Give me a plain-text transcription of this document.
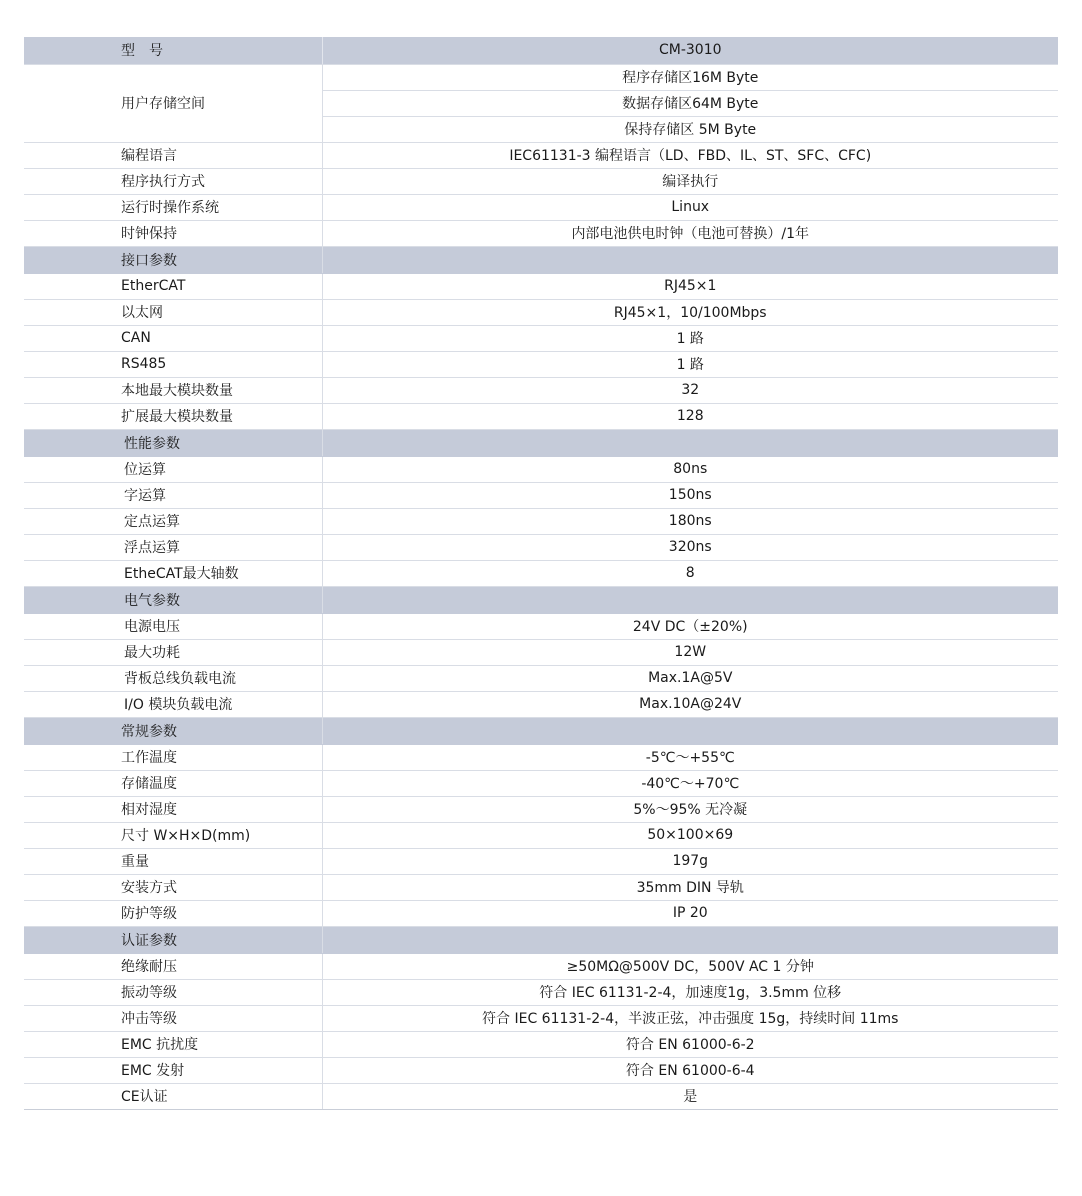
型　号	CM-3010
用户存储空间	程序存储区16M Byte
	数据存储区64M Byte
	保持存储区 5M Byte
编程语言	IEC61131-3 编程语言（LD、FBD、IL、ST、SFC、CFC)
程序执行方式	编译执行
运行时操作系统	Linux
时钟保持	内部电池供电时钟（电池可替换）/1年
接口参数	
EtherCAT	RJ45×1
以太网	RJ45×1，10/100Mbps
CAN	1 路
RS485	1 路
本地最大模块数量	32
扩展最大模块数量	128
性能参数	
位运算	80ns
字运算	150ns
定点运算	180ns
浮点运算	320ns
EtheCAT最大轴数	8
电气参数	
电源电压	24V DC（±20%)
最大功耗	12W
背板总线负载电流	Max.1A@5V
I/O 模块负载电流	Max.10A@24V
常规参数	
工作温度	-5℃～+55℃
存储温度	-40℃～+70℃
相对湿度	5%～95% 无冷凝
尺寸 W×H×D(mm)	50×100×69
重量	197g
安装方式	35mm DIN 导轨
防护等级	IP 20
认证参数	
绝缘耐压	≥50MΩ@500V DC，500V AC 1 分钟
振动等级	符合 IEC 61131-2-4，加速度1g，3.5mm 位移
冲击等级	符合 IEC 61131-2-4，半波正弦，冲击强度 15g，持续时间 11ms
EMC 抗扰度	符合 EN 61000-6-2
EMC 发射	符合 EN 61000-6-4
CE认证	是
